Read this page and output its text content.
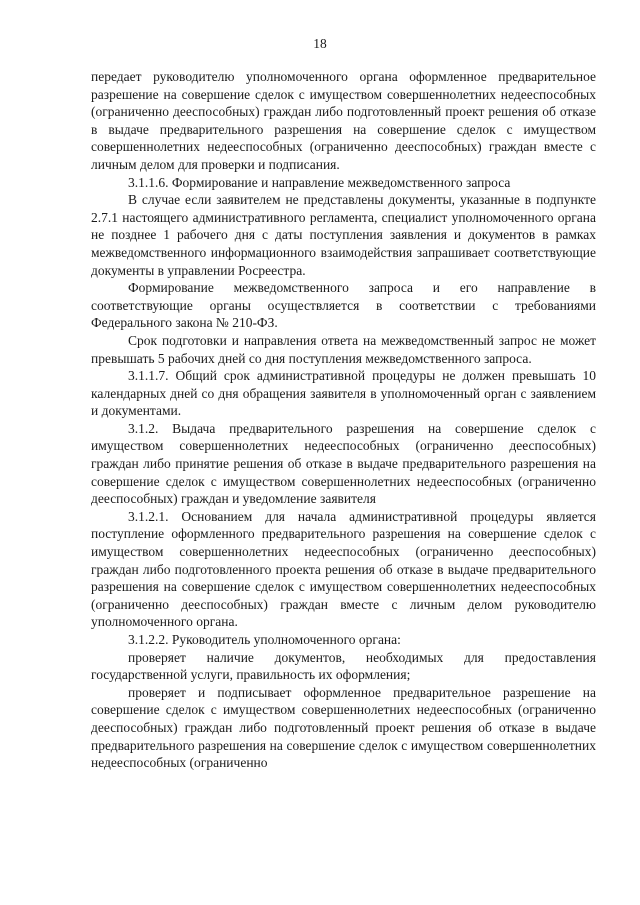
18

передает руководителю уполномоченного органа оформленное предварительное разрешение на совершение сделок с имуществом совершеннолетних недееспособных (ограниченно дееспособных) граждан либо подготовленный проект решения об отказе в выдаче предварительного разрешения на совершение сделок с имуществом совершеннолетних недееспособных (ограниченно дееспособных) граждан вместе с личным делом для проверки и подписания.

3.1.1.6. Формирование и направление межведомственного запроса

В случае если заявителем не представлены документы, указанные в подпункте 2.7.1 настоящего административного регламента, специалист уполномоченного органа не позднее 1 рабочего дня с даты поступления заявления и документов в рамках межведомственного информационного взаимодействия запрашивает соответствующие документы в управлении Росреестра.

Формирование межведомственного запроса и его направление в соответствующие органы осуществляется в соответствии с требованиями Федерального закона № 210-ФЗ.

Срок подготовки и направления ответа на межведомственный запрос не может превышать 5 рабочих дней со дня поступления межведомственного запроса.

3.1.1.7. Общий срок административной процедуры не должен превышать 10 календарных дней со дня обращения заявителя в уполномоченный орган с заявлением и документами.

3.1.2. Выдача предварительного разрешения на совершение сделок с имуществом совершеннолетних недееспособных (ограниченно дееспособных) граждан либо принятие решения об отказе в выдаче предварительного разрешения на совершение сделок с имуществом совершеннолетних недееспособных (ограниченно дееспособных) граждан и уведомление заявителя

3.1.2.1. Основанием для начала административной процедуры является поступление оформленного предварительного разрешения на совершение сделок с имуществом совершеннолетних недееспособных (ограниченно дееспособных) граждан либо подготовленного проекта решения об отказе в выдаче предварительного разрешения на совершение сделок с имуществом совершеннолетних недееспособных (ограниченно дееспособных) граждан вместе с личным делом руководителю уполномоченного органа.

3.1.2.2. Руководитель уполномоченного органа:

проверяет наличие документов, необходимых для предоставления государственной услуги, правильность их оформления;

проверяет и подписывает оформленное предварительное разрешение на совершение сделок с имуществом совершеннолетних недееспособных (ограниченно дееспособных) граждан либо подготовленный проект решения об отказе в выдаче предварительного разрешения на совершение сделок с имуществом совершеннолетних недееспособных (ограниченно
